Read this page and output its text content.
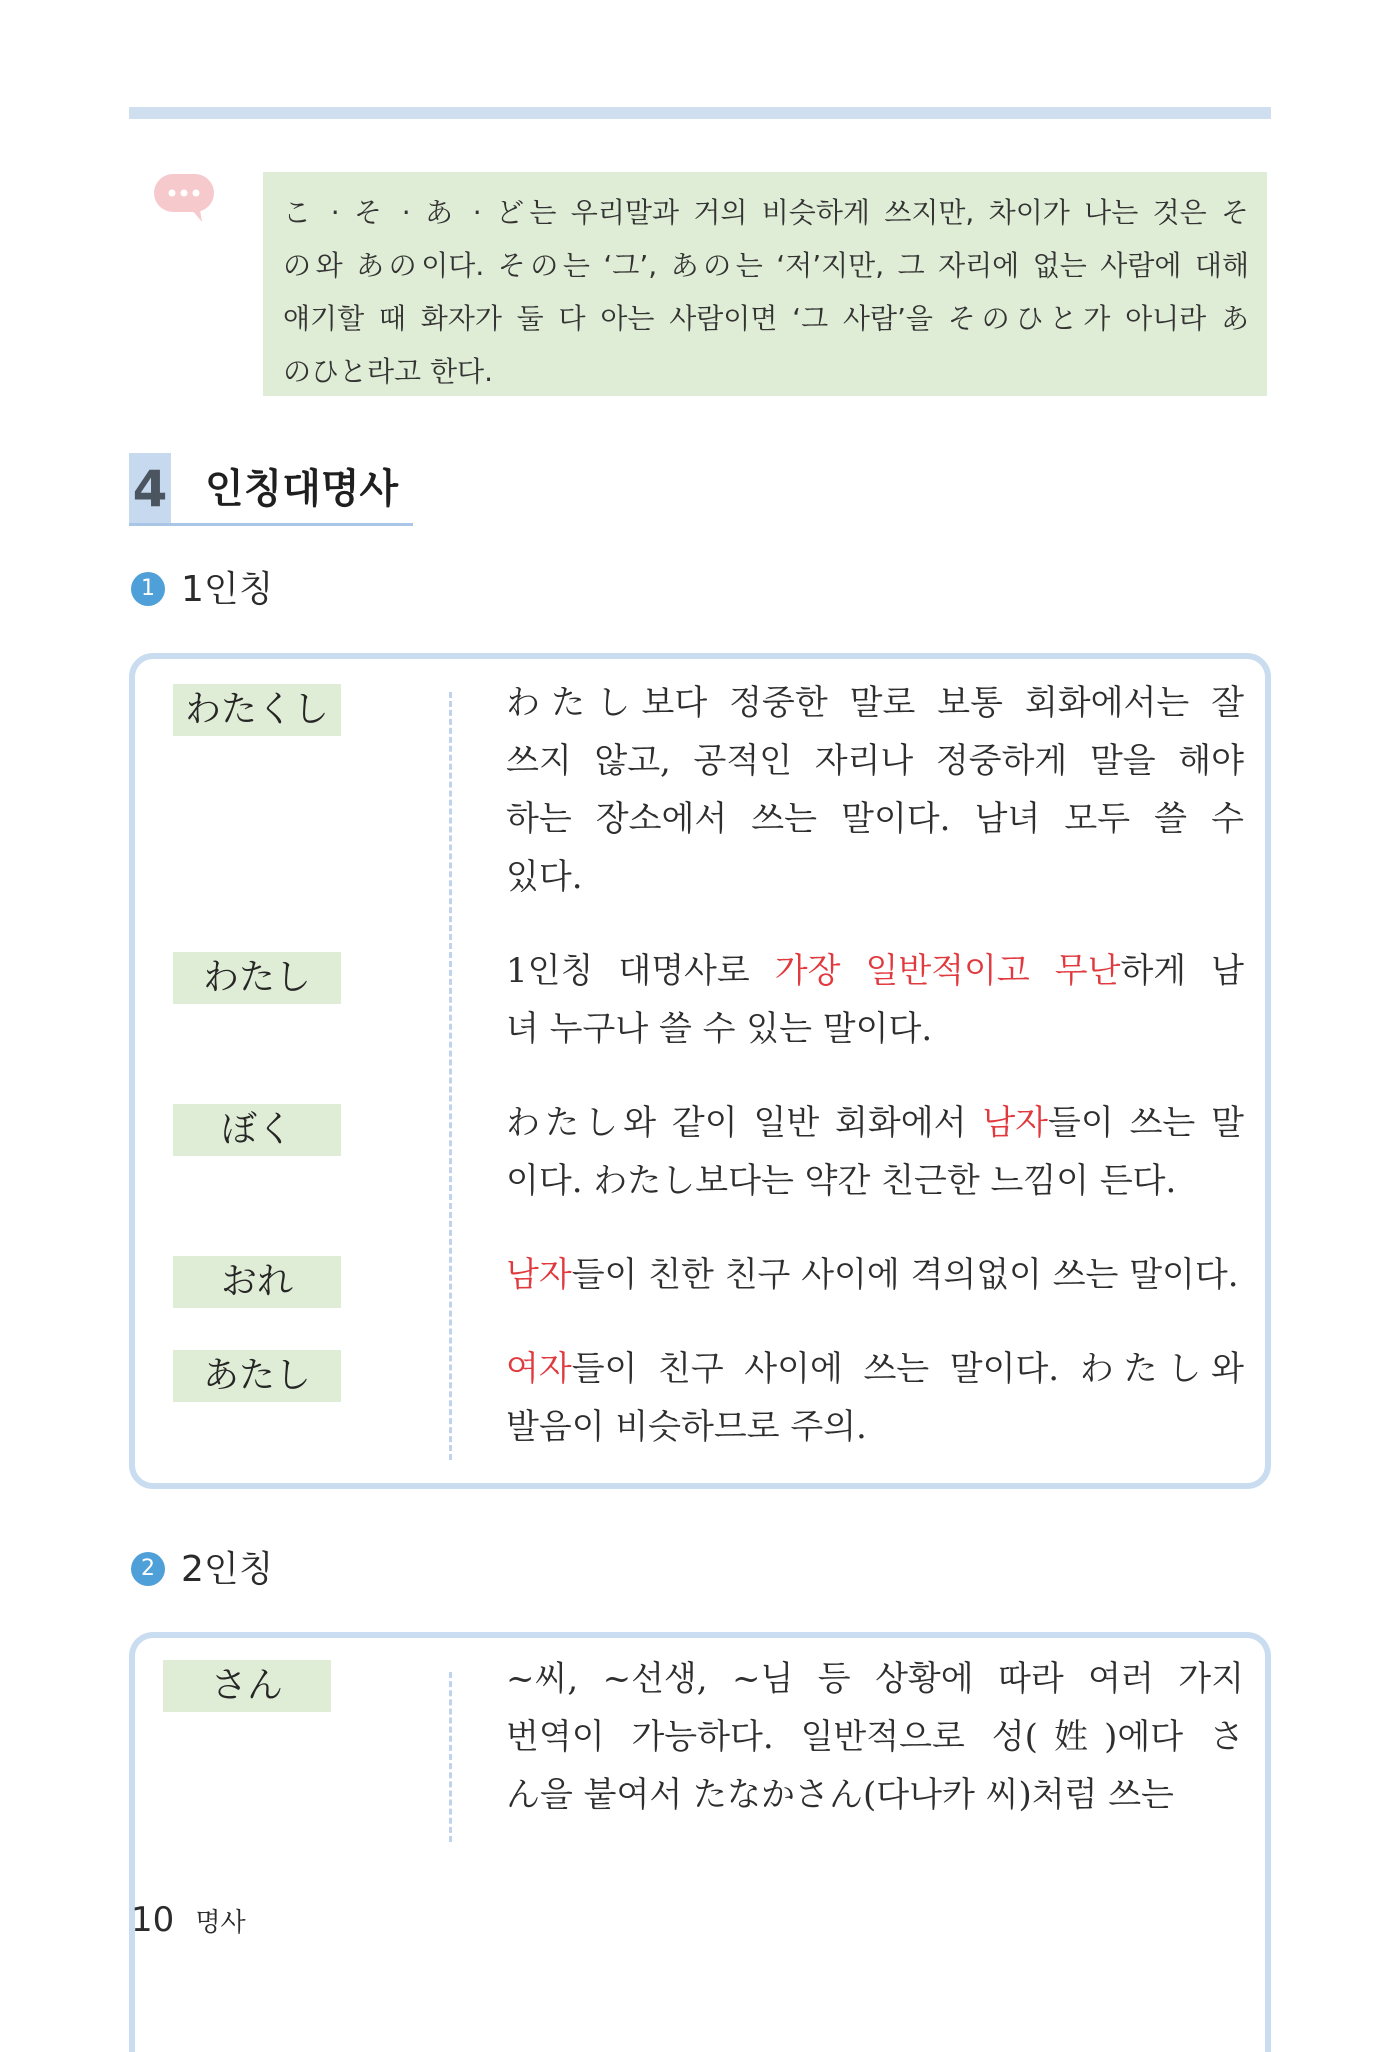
こ · そ · あ · ど는 우리말과 거의 비슷하게 쓰지만, 차이가 나는 것은 そ
の와 あの이다. その는 ‘그’, あの는 ‘저’지만, 그 자리에 없는 사람에 대해
얘기할 때 화자가 둘 다 아는 사람이면 ‘그 사람’을 そのひと가 아니라 あ
のひと라고 한다.
4 인칭대명사
1 1인칭
2 2인칭
わたくし	わたし보다 정중한 말로 보통 회화에서는 잘
쓰지 않고, 공적인 자리나 정중하게 말을 해야
하는 장소에서 쓰는 말이다. 남녀 모두 쓸 수
있다.
わたし	1인칭 대명사로 가장 일반적이고 무난하게 남
녀 누구나 쓸 수 있는 말이다.
ぼく	わたし와 같이 일반 회화에서 남자들이 쓰는 말
이다. わたし보다는 약간 친근한 느낌이 든다.
おれ	남자들이 친한 친구 사이에 격의없이 쓰는 말이다.
あたし	여자들이 친구 사이에 쓰는 말이다. わたし와
발음이 비슷하므로 주의.
さん	~씨, ~선생, ~님 등 상황에 따라 여러 가지
번역이 가능하다. 일반적으로 성(姓)에다 さ
ん을 붙여서 たなかさん(다나카 씨)처럼 쓰는
10 명사
